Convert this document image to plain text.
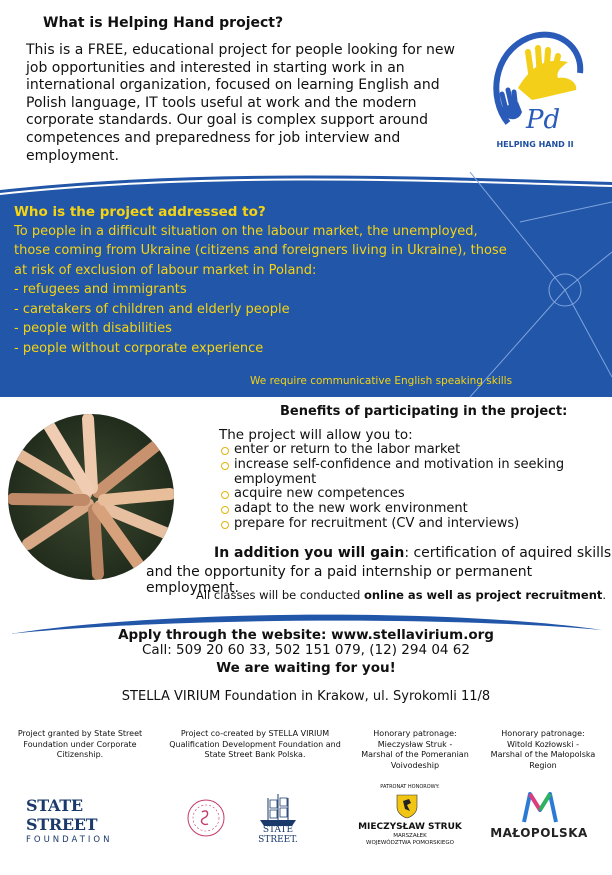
What is Helping Hand project?
This is a FREE, educational project for people looking for new job opportunities and interested in starting work in an international organization, focused on learning English and Polish language, IT tools useful at work and the modern corporate standards. Our goal is complex support around competences and preparedness for job interview and employment.
Pd
HELPING HAND II
Who is the project addressed to?
To people in a difficult situation on the labour market, the unemployed, those coming from Ukraine (citizens and foreigners living in Ukraine), those at risk of exclusion of labour market in Poland:
- refugees and immigrants
- caretakers of children and elderly people
- people with disabilities
- people without corporate experience
We require communicative English speaking skills
Benefits of participating in the project:
The project will allow you to:
enter or return to the labor market
increase self-confidence and motivation in seeking employment
acquire new competences
adapt to the new work environment
prepare for recruitment (CV and interviews)
In addition you will gain: certification of aquired skills
and the opportunity for a paid internship or permanent employment.
All classes will be conducted online as well as project recruitment.
Apply through the website: www.stellavirium.org
Call: 509 20 60 33, 502 151 079, (12) 294 04 62
We are waiting for you!
STELLA VIRIUM Foundation in Krakow, ul. Syrokomli 11/8
Project granted by State Street Foundation under Corporate Citizenship.
Project co-created by STELLA VIRIUM Qualification Development Foundation and State Street Bank Polska.
Honorary patronage:
Mieczysław Struk -
Marshal of the Pomeranian Voivodeship
Honorary patronage:
Witold Kozłowski -
Marshal of the Małopolska Region
STATE STREET
FOUNDATION
STATE STREET.
PATRONAT HONOROWY:
MIECZYSŁAW STRUK
MARSZAŁEK
WOJEWÓDZTWA POMORSKIEGO
MAŁOPOLSKA
